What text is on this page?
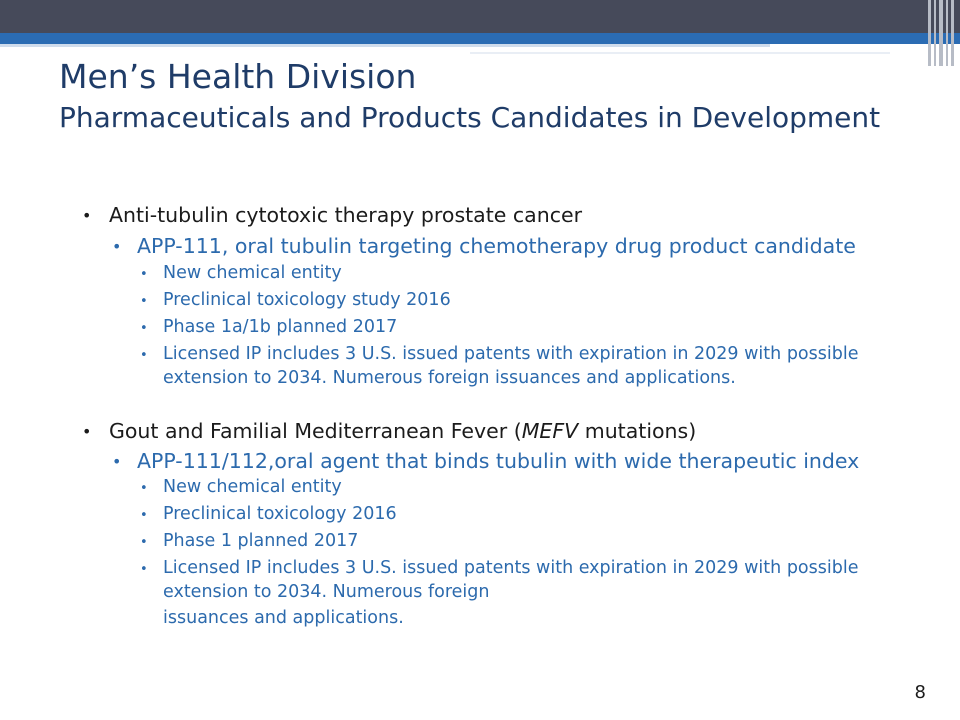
Men’s Health Division
Pharmaceuticals and Products Candidates in Development
• Anti-tubulin cytotoxic therapy prostate cancer
• APP-111, oral tubulin targeting chemotherapy drug product candidate
• New chemical entity
• Preclinical toxicology study 2016
• Phase 1a/1b planned 2017
• Licensed IP includes 3 U.S. issued patents with expiration in 2029 with possible
extension to 2034. Numerous foreign issuances and applications.
• Gout and Familial Mediterranean Fever (MEFV mutations)
• APP-111/112,oral agent that binds tubulin with wide therapeutic index
• New chemical entity
• Preclinical toxicology 2016
• Phase 1 planned 2017
• Licensed IP includes 3 U.S. issued patents with expiration in 2029 with possible
extension to 2034. Numerous foreign
issuances and applications.
8
